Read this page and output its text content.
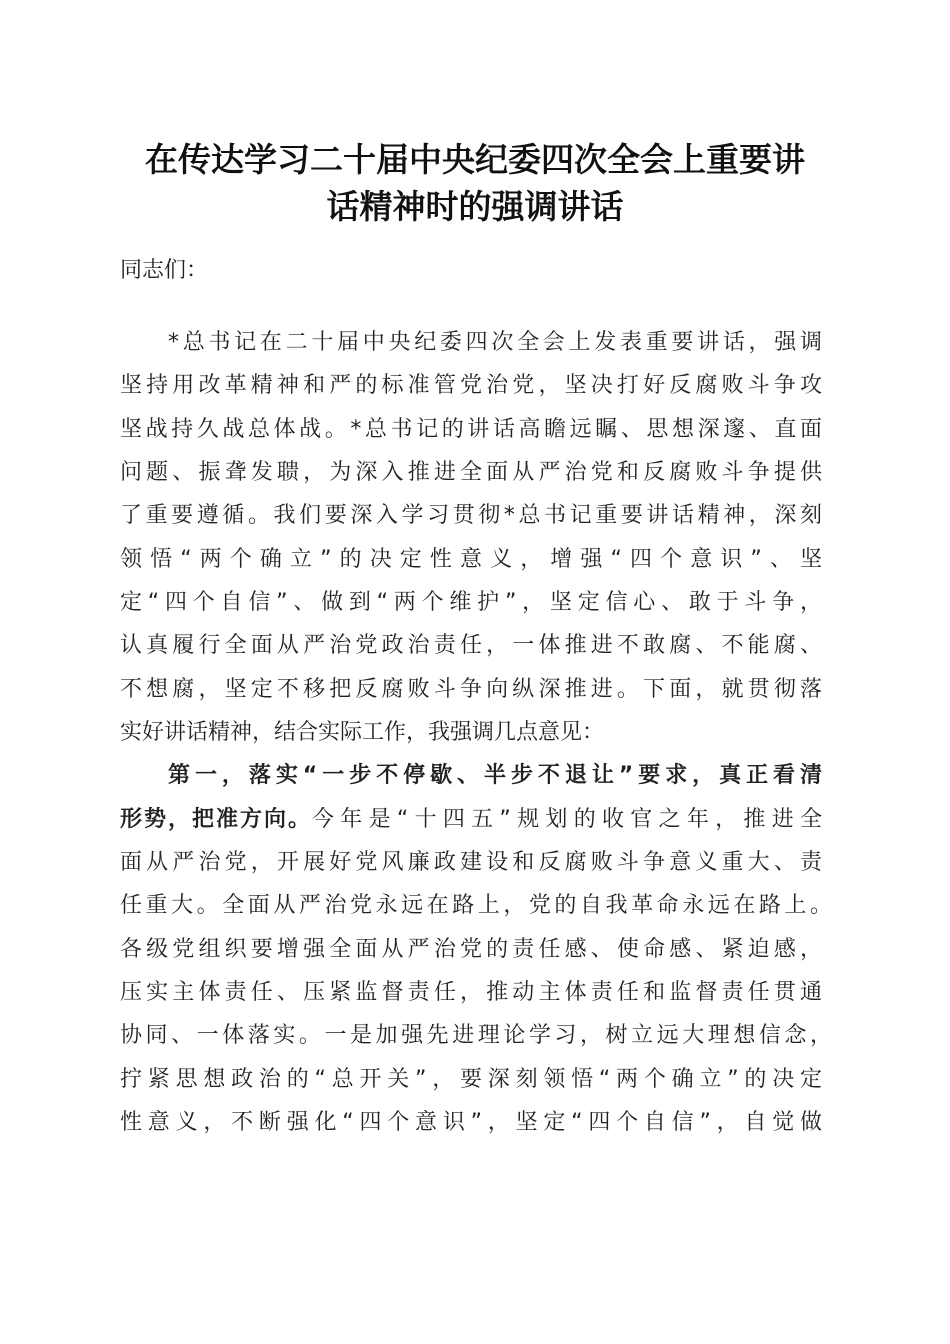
在传达学习二十届中央纪委四次全会上重要讲
话精神时的强调讲话
同志们：
*总书记在二十届中央纪委四次全会上发表重要讲话，强调
坚持用改革精神和严的标准管党治党，坚决打好反腐败斗争攻
坚战持久战总体战。*总书记的讲话高瞻远瞩、思想深邃、直面
问题、振聋发聩，为深入推进全面从严治党和反腐败斗争提供
了重要遵循。我们要深入学习贯彻*总书记重要讲话精神，深刻
领悟“两个确立”的决定性意义，增强“四个意识”、坚
定“四个自信”、做到“两个维护”，坚定信心、敢于斗争，
认真履行全面从严治党政治责任，一体推进不敢腐、不能腐、
不想腐，坚定不移把反腐败斗争向纵深推进。下面，就贯彻落
实好讲话精神，结合实际工作，我强调几点意见：
第一，落实“一步不停歇、半步不退让”要求，真正看清
形势，把准方向。 今年是“十四五”规划的收官之年，推进全
面从严治党，开展好党风廉政建设和反腐败斗争意义重大、责
任重大。全面从严治党永远在路上，党的自我革命永远在路上。
各级党组织要增强全面从严治党的责任感、使命感、紧迫感，
压实主体责任、压紧监督责任，推动主体责任和监督责任贯通
协同、一体落实。一是加强先进理论学习，树立远大理想信念，
拧紧思想政治的“总开关”，要深刻领悟“两个确立”的决定
性意义，不断强化“四个意识”，坚定“四个自信”，自觉做
